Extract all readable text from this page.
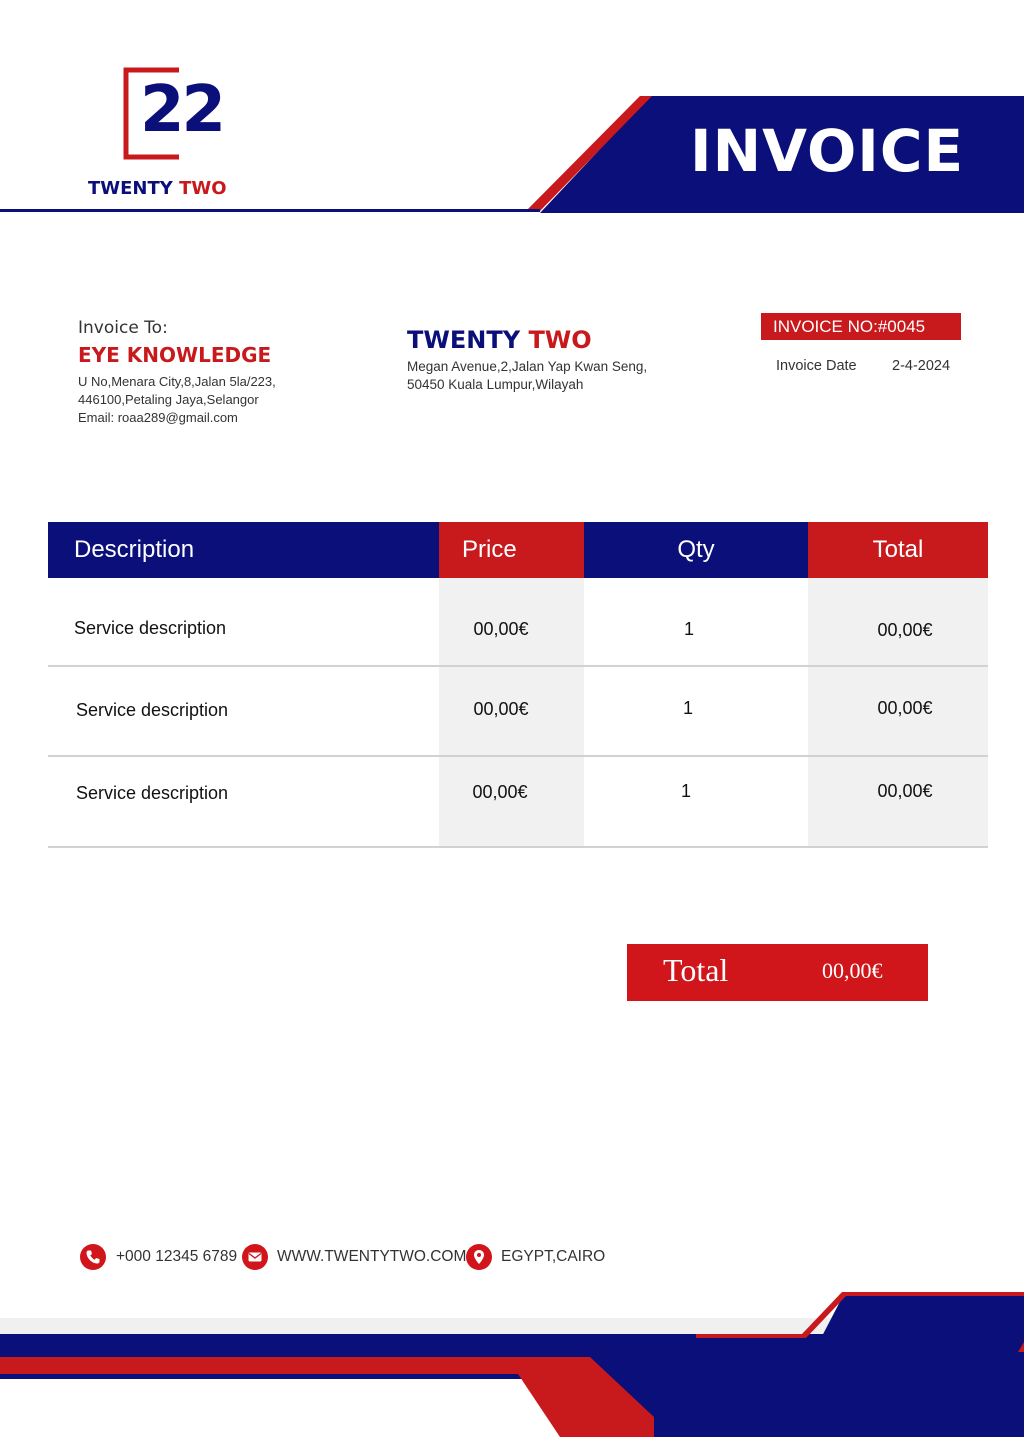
22
TWENTY TWO
INVOICE
Invoice To:
EYE KNOWLEDGE
U No,Menara City,8,Jalan 5la/223,
446100,Petaling Jaya,Selangor
Email: roaa289@gmail.com
TWENTY TWO
Megan Avenue,2,Jalan Yap Kwan Seng,
50450 Kuala Lumpur,Wilayah
INVOICE NO:#0045
Invoice Date 2-4-2024
Description	Price	Qty	Total
Service description	00,00€	1	00,00€
Service description	00,00€	1	00,00€
Service description	00,00€	1	00,00€
Total	00,00€
+000 12345 6789	WWW.TWENTYTWO.COM EGYPT,CAIRO
